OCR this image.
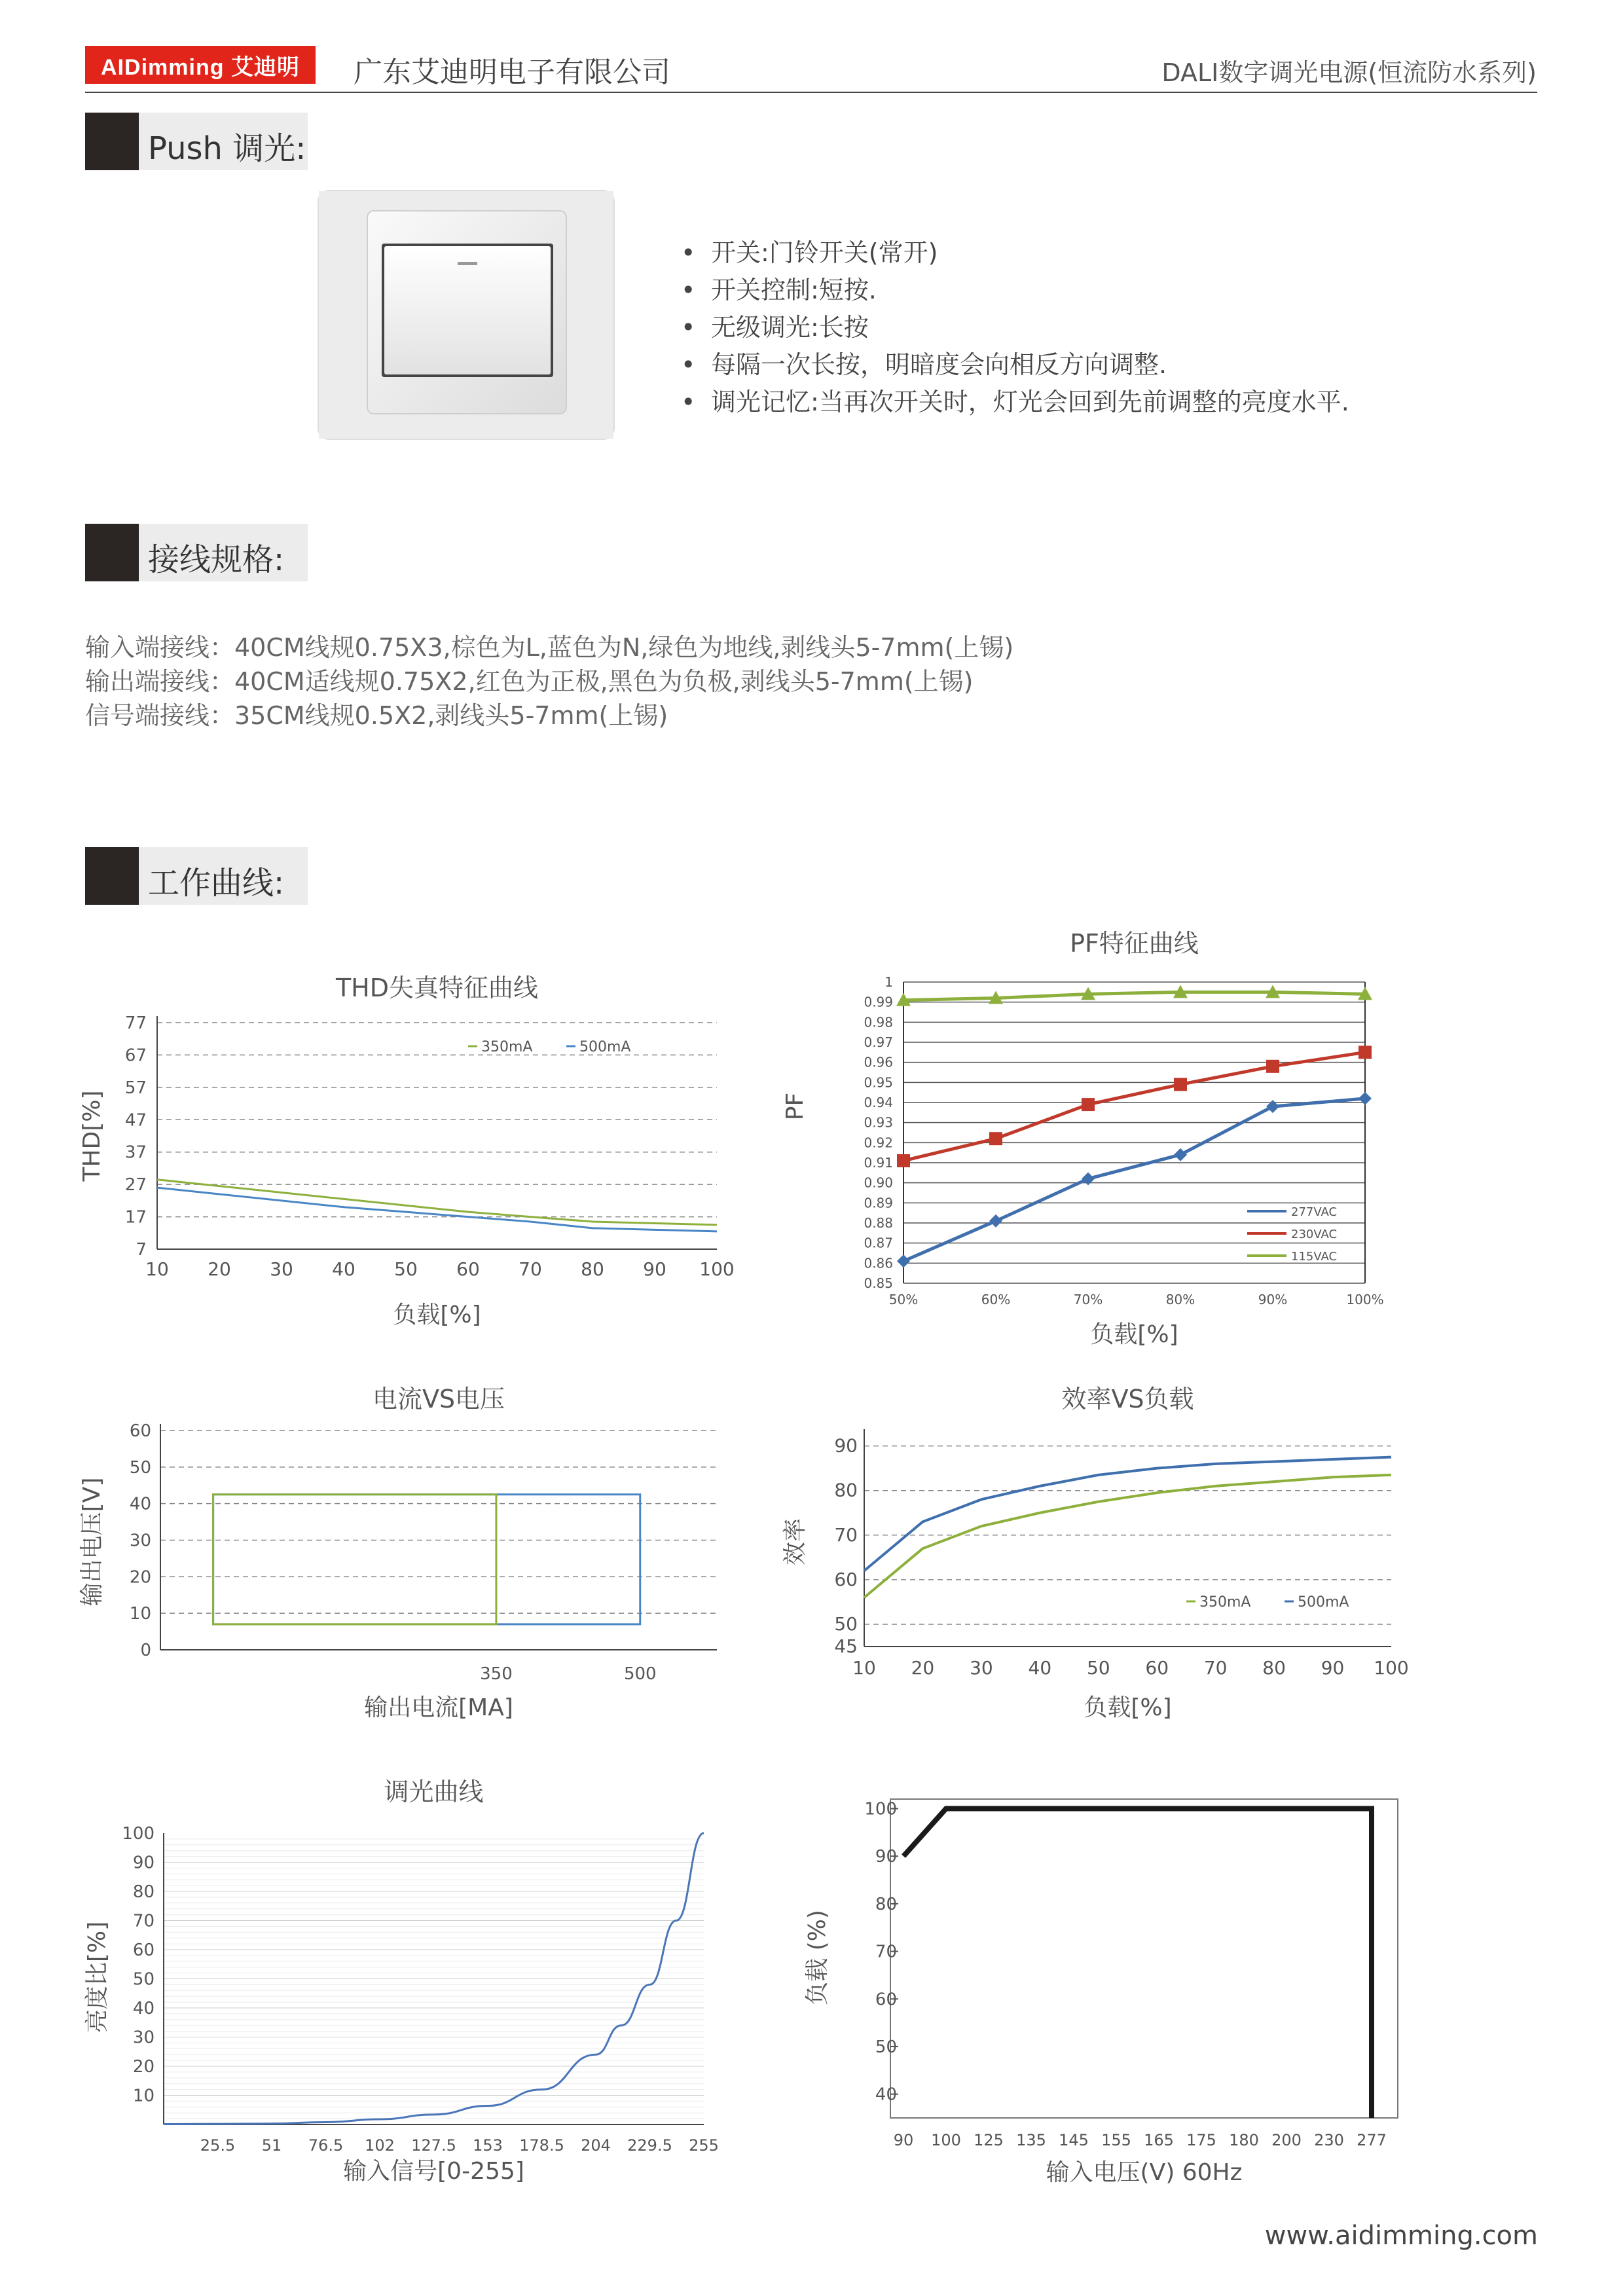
AIDimming 艾迪明	广东艾迪明电子有限公司	DALI数字调光电源(恒流防水系列)
Push 调光:
• 开关:门铃开关(常开)
• 开关控制:短按.
• 无级调光:长按
• 每隔一次长按，明暗度会向相反方向调整.
• 调光记忆:当再次开关时，灯光会回到先前调整的亮度水平.
接线规格:
输入端接线：40CM线规0.75X3,棕色为L,蓝色为N,绿色为地线,剥线头5-7mm(上锡)
输出端接线：40CM适线规0.75X2,红色为正极,黑色为负极,剥线头5-7mm(上锡)
信号端接线：35CM线规0.5X2,剥线头5-7mm(上锡)
工作曲线:
THD失真特征曲线
负载[%]
THD[%]
7
17
27
37
47
57
67
77
10 20 30 40 50 60 70 80 90 100
350mA	500mA
PF特征曲线
负载[%]
PF
0.85
0.86
0.87
0.88
0.89
0.90
0.91
0.92
0.93
0.94
0.95
0.96
0.97
0.98
0.99
1
50%	60%	70%	80%	90%	100%
277VAC
230VAC
115VAC
电流VS电压
输出电流[MA]
输出电压[V]
0
10
20
30
40
50
60
350	500
效率VS负载
负载[%]
效率
45
50
60
70
80
90
10 20 30 40 50 60 70 80 90 100
350mA	500mA
调光曲线
输入信号[0-255]
亮度比[%]
10
20
30
40
50
60
70
80
90
100
25.5 51 76.5 102 127.5 153 178.5 204 229.5 255
输入电压(V) 60Hz
负载 (%)
40
50
60
70
80
90
100
90 100 125 135 145 155 165 175 180 200 230 277
www.aidimming.com
